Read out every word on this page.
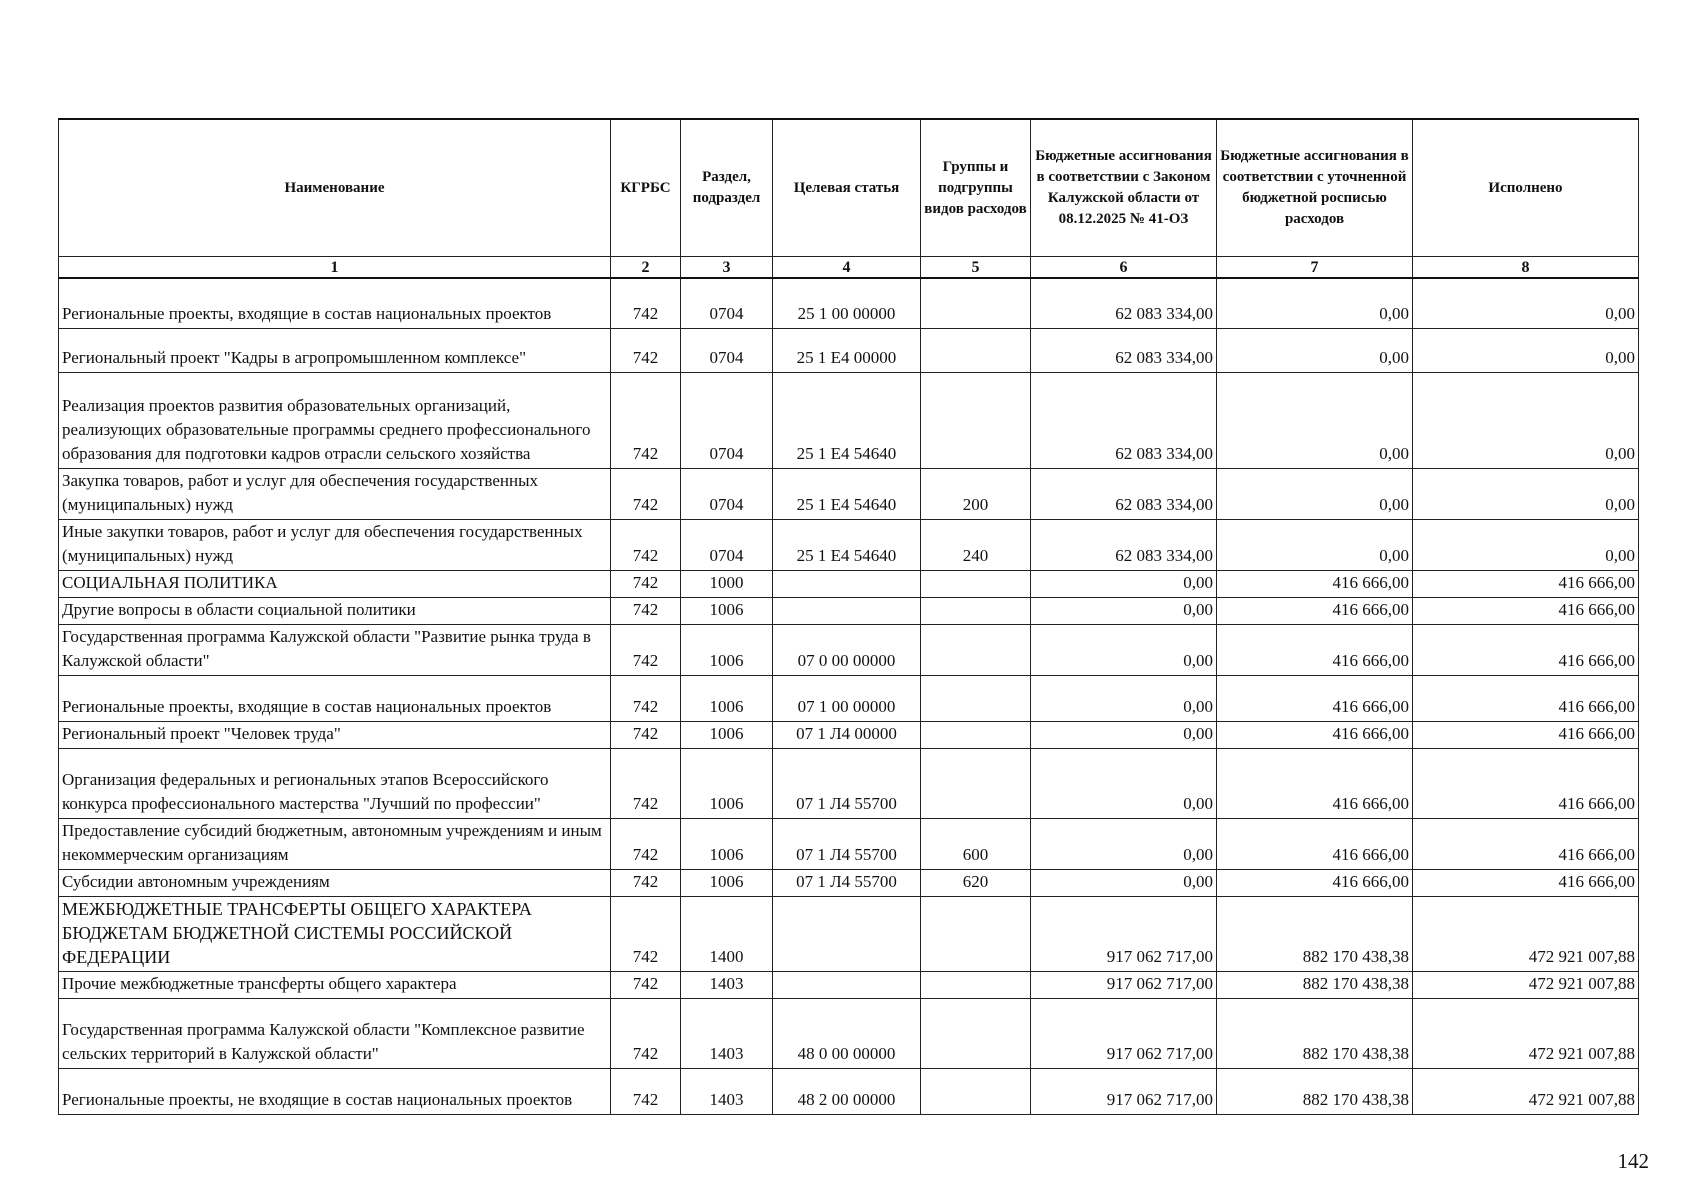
Наименование	КГРБС	Раздел, подраздел	Целевая статья	Группы и подгруппы видов расходов	Бюджетные ассигнования в соответствии с Законом Калужской области от 08.12.2025 № 41-ОЗ	Бюджетные ассигнования в соответствии с уточненной бюджетной росписью расходов	Исполнено
1	2	3	4	5	6	7	8
Региональные проекты, входящие в состав национальных проектов	742	0704	25 1 00 00000		62 083 334,00	0,00	0,00
Региональный проект "Кадры в агропромышленном комплексе"	742	0704	25 1 Е4 00000		62 083 334,00	0,00	0,00
Реализация проектов развития образовательных организаций, реализующих образовательные программы среднего профессионального образования для подготовки кадров отрасли сельского хозяйства	742	0704	25 1 Е4 54640		62 083 334,00	0,00	0,00
Закупка товаров, работ и услуг для обеспечения государственных (муниципальных) нужд	742	0704	25 1 Е4 54640	200	62 083 334,00	0,00	0,00
Иные закупки товаров, работ и услуг для обеспечения государственных (муниципальных) нужд	742	0704	25 1 Е4 54640	240	62 083 334,00	0,00	0,00
СОЦИАЛЬНАЯ ПОЛИТИКА	742	1000			0,00	416 666,00	416 666,00
Другие вопросы в области социальной политики	742	1006			0,00	416 666,00	416 666,00
Государственная программа Калужской области "Развитие рынка труда в Калужской области"	742	1006	07 0 00 00000		0,00	416 666,00	416 666,00
Региональные проекты, входящие в состав национальных проектов	742	1006	07 1 00 00000		0,00	416 666,00	416 666,00
Региональный проект "Человек труда"	742	1006	07 1 Л4 00000		0,00	416 666,00	416 666,00
Организация федеральных и региональных этапов Всероссийского конкурса профессионального мастерства "Лучший по профессии"	742	1006	07 1 Л4 55700		0,00	416 666,00	416 666,00
Предоставление субсидий бюджетным, автономным учреждениям и иным некоммерческим организациям	742	1006	07 1 Л4 55700	600	0,00	416 666,00	416 666,00
Субсидии автономным учреждениям	742	1006	07 1 Л4 55700	620	0,00	416 666,00	416 666,00
МЕЖБЮДЖЕТНЫЕ ТРАНСФЕРТЫ ОБЩЕГО ХАРАКТЕРА БЮДЖЕТАМ БЮДЖЕТНОЙ СИСТЕМЫ РОССИЙСКОЙ ФЕДЕРАЦИИ	742	1400			917 062 717,00	882 170 438,38	472 921 007,88
Прочие межбюджетные трансферты общего характера	742	1403			917 062 717,00	882 170 438,38	472 921 007,88
Государственная программа Калужской области "Комплексное развитие сельских территорий в Калужской области"	742	1403	48 0 00 00000		917 062 717,00	882 170 438,38	472 921 007,88
Региональные проекты, не входящие в состав национальных проектов	742	1403	48 2 00 00000		917 062 717,00	882 170 438,38	472 921 007,88
142
